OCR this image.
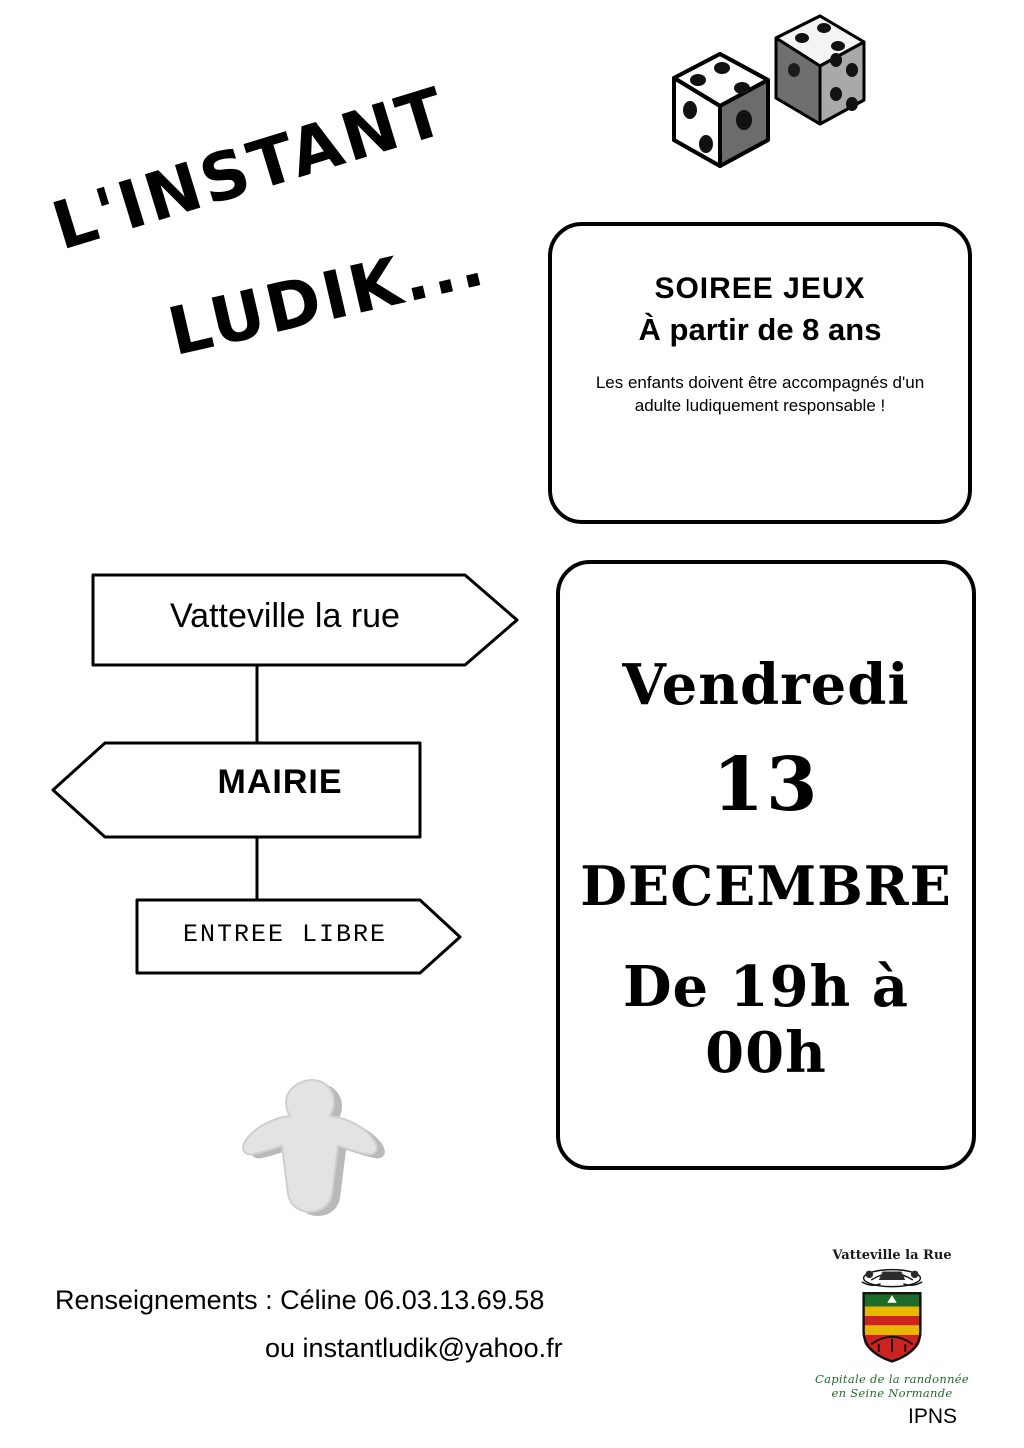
L'INSTANT
LUDIK...	SOIREE JEUX

À partir de 8 ans

Les enfants doivent être accompagnés d'un adulte ludiquement responsable !

Vendredi
13
DECEMBRE
De 19h à 00h
Vatteville la rue
MAIRIE
ENTREE LIBRE

Renseignements : Céline 06.03.13.69.58

ou instantludik@yahoo.fr

Vatteville la Rue

Capitale de la randonnée

en Seine Normande

IPNS
